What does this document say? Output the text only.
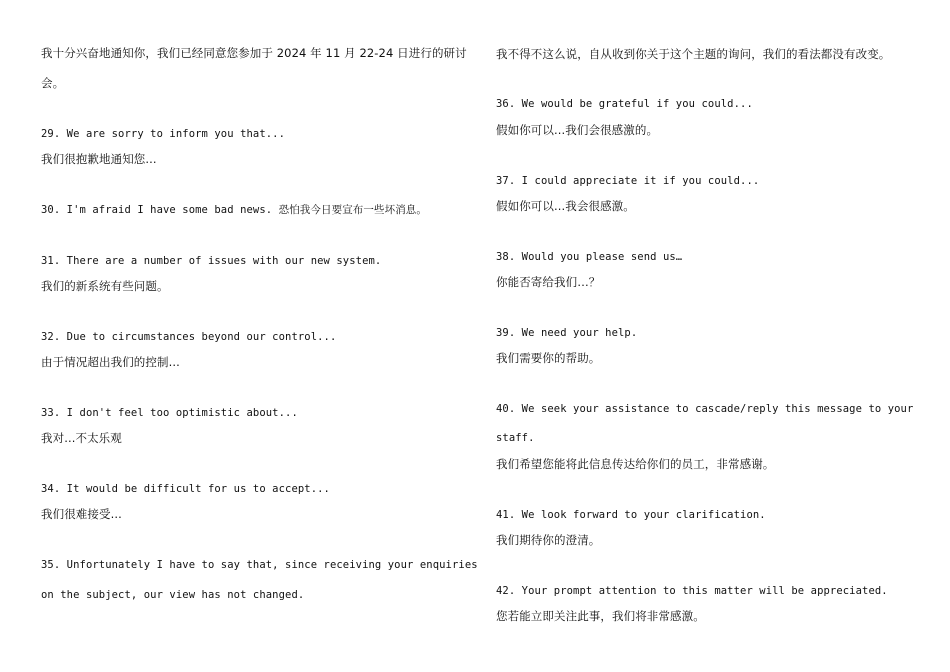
我十分兴奋地通知你，我们已经同意您参加于 2024 年 11 月 22-24 日进行的研讨
会。
29. We are sorry to inform you that...
我们很抱歉地通知您...
30. I'm afraid I have some bad news. 恐怕我今日要宣布一些坏消息。
31. There are a number of issues with our new system.
我们的新系统有些问题。
32. Due to circumstances beyond our control...
由于情况超出我们的控制...
33. I don't feel too optimistic about...
我对...不太乐观
34. It would be difficult for us to accept...
我们很难接受...
35. Unfortunately I have to say that, since receiving your enquiries
on the subject, our view has not changed.
我不得不这么说，自从收到你关于这个主题的询问，我们的看法都没有改变。
36. We would be grateful if you could...
假如你可以...我们会很感激的。
37. I could appreciate it if you could...
假如你可以...我会很感激。
38. Would you please send us…
你能否寄给我们…？
39. We need your help.
我们需要你的帮助。
40. We seek your assistance to cascade/reply this message to your
staff.
我们希望您能将此信息传达给你们的员工，非常感谢。
41. We look forward to your clarification.
我们期待你的澄清。
42. Your prompt attention to this matter will be appreciated.
您若能立即关注此事，我们将非常感激。
